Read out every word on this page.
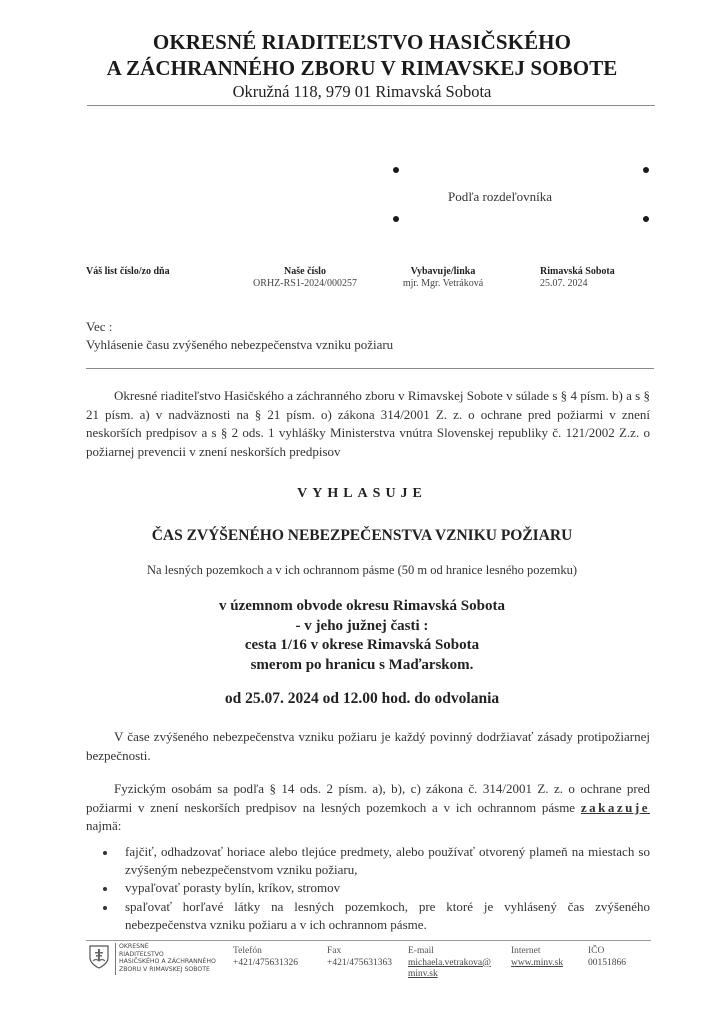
OKRESNÉ RIADITEĽSTVO HASIČSKÉHO
A ZÁCHRANNÉHO ZBORU V RIMAVSKEJ SOBOTE
Okružná 118, 979 01 Rimavská Sobota
Podľa rozdeľovníka
Váš list číslo/zo dňa	Naše číslo
ORHZ-RS1-2024/000257
Vybavuje/linka
mjr. Mgr. Vetráková
Rimavská Sobota
25.07. 2024
Vec :
Vyhlásenie času zvýšeného nebezpečenstva vzniku požiaru
Okresné riaditeľstvo Hasičského a záchranného zboru v Rimavskej Sobote v súlade s § 4 písm. b) a s § 21 písm. a) v nadväznosti na § 21 písm. o) zákona 314/2001 Z. z. o ochrane pred požiarmi v znení neskorších predpisov a s § 2 ods. 1 vyhlášky Ministerstva vnútra Slovenskej republiky č. 121/2002 Z.z. o požiarnej prevencii v znení neskorších predpisov
VYHLASUJE
ČAS ZVÝŠENÉHO NEBEZPEČENSTVA VZNIKU POŽIARU
Na lesných pozemkoch a v ich ochrannom pásme (50 m od hranice lesného pozemku)
v územnom obvode okresu Rimavská Sobota
- v jeho južnej časti :
cesta 1/16 v okrese Rimavská Sobota
smerom po hranicu s Maďarskom.
od 25.07. 2024 od 12.00 hod. do odvolania
V čase zvýšeného nebezpečenstva vzniku požiaru je každý povinný dodržiavať zásady protipožiarnej bezpečnosti.
Fyzickým osobám sa podľa § 14 ods. 2 písm. a), b), c) zákona č. 314/2001 Z. z. o ochrane pred požiarmi v znení neskorších predpisov na lesných pozemkoch a v ich ochrannom pásme zakazuje najmä:
fajčiť, odhadzovať horiace alebo tlejúce predmety, alebo používať otvorený plameň na miestach so zvýšeným nebezpečenstvom vzniku požiaru,
vypaľovať porasty bylín, kríkov, stromov
spaľovať horľavé látky na lesných pozemkoch, pre ktoré je vyhlásený čas zvýšeného nebezpečenstva vzniku požiaru a v ich ochrannom pásme.
OKRESNÉ
RIADITEĽSTVO
HASIČSKÉHO A ZÁCHRANNÉHO
ZBORU V RIMAVSKEJ SOBOTE
Telefón
+421/475631326
Fax
+421/475631363
E-mail
michaela.vetrakova@
minv.sk
Internet
www.minv.sk
IČO
00151866
